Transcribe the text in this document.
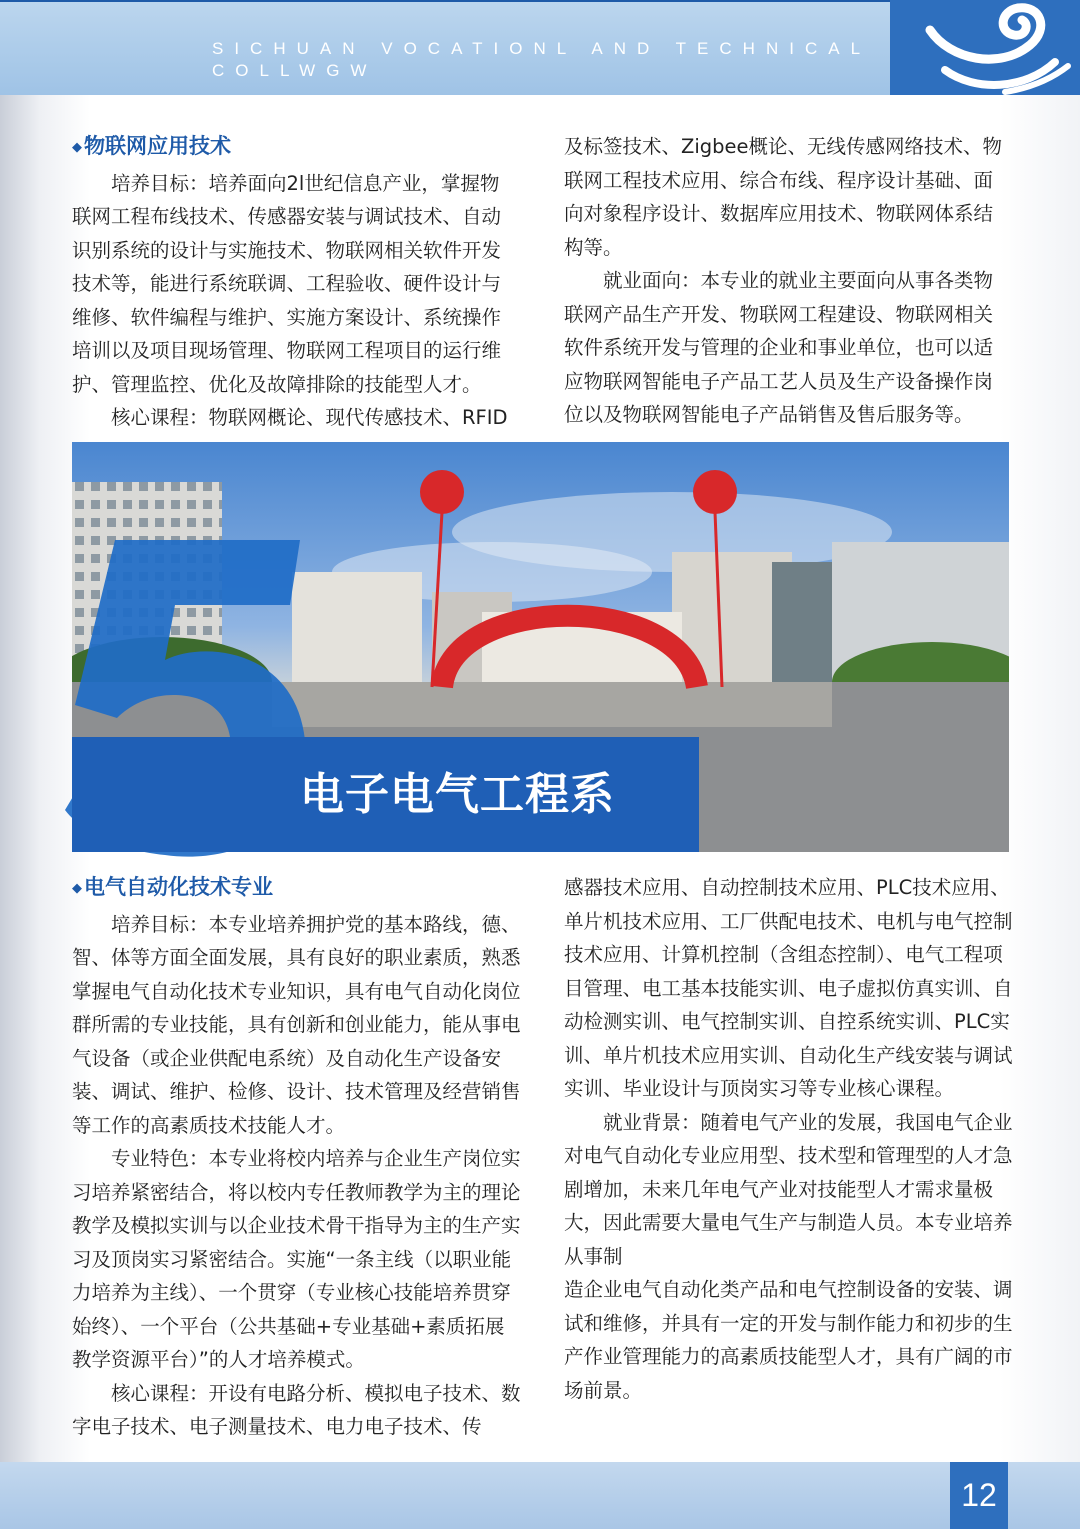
SICHUAN VOCATIONL AND TECHNICAL COLLWGW
◆物联网应用技术

培养目标：培养面向2l世纪信息产业，掌握物联网工程布线技术、传感器安装与调试技术、自动识别系统的设计与实施技术、物联网相关软件开发技术等，能进行系统联调、工程验收、硬件设计与维修、软件编程与维护、实施方案设计、系统操作培训以及项目现场管理、物联网工程项目的运行维护、管理监控、优化及故障排除的技能型人才。

核心课程：物联网概论、现代传感技术、RFID

及标签技术、Zigbee概论、无线传感网络技术、物联网工程技术应用、综合布线、程序设计基础、面向对象程序设计、数据库应用技术、物联网体系结构等。

就业面向：本专业的就业主要面向从事各类物联网产品生产开发、物联网工程建设、物联网相关软件系统开发与管理的企业和事业单位，也可以适应物联网智能电子产品工艺人员及生产设备操作岗位以及物联网智能电子产品销售及售后服务等。

电子电气工程系
◆电气自动化技术专业

培养目标：本专业培养拥护党的基本路线，德、智、体等方面全面发展，具有良好的职业素质，熟悉掌握电气自动化技术专业知识，具有电气自动化岗位群所需的专业技能，具有创新和创业能力，能从事电气设备（或企业供配电系统）及自动化生产设备安装、调试、维护、检修、设计、技术管理及经营销售等工作的高素质技术技能人才。

专业特色：本专业将校内培养与企业生产岗位实习培养紧密结合，将以校内专任教师教学为主的理论教学及模拟实训与以企业技术骨干指导为主的生产实习及顶岗实习紧密结合。实施“一条主线（以职业能力培养为主线）、一个贯穿（专业核心技能培养贯穿始终）、一个平台（公共基础+专业基础+素质拓展教学资源平台）”的人才培养模式。

核心课程：开设有电路分析、模拟电子技术、数字电子技术、电子测量技术、电力电子技术、传

感器技术应用、自动控制技术应用、PLC技术应用、单片机技术应用、工厂供配电技术、电机与电气控制技术应用、计算机控制（含组态控制）、电气工程项目管理、电工基本技能实训、电子虚拟仿真实训、自动检测实训、电气控制实训、自控系统实训、PLC实训、单片机技术应用实训、自动化生产线安装与调试实训、毕业设计与顶岗实习等专业核心课程。

就业背景：随着电气产业的发展，我国电气企业对电气自动化专业应用型、技术型和管理型的人才急剧增加，未来几年电气产业对技能型人才需求量极大，因此需要大量电气生产与制造人员。本专业培养从事制

造企业电气自动化类产品和电气控制设备的安装、调试和维修，并具有一定的开发与制作能力和初步的生产作业管理能力的高素质技能型人才，具有广阔的市场前景。

12
